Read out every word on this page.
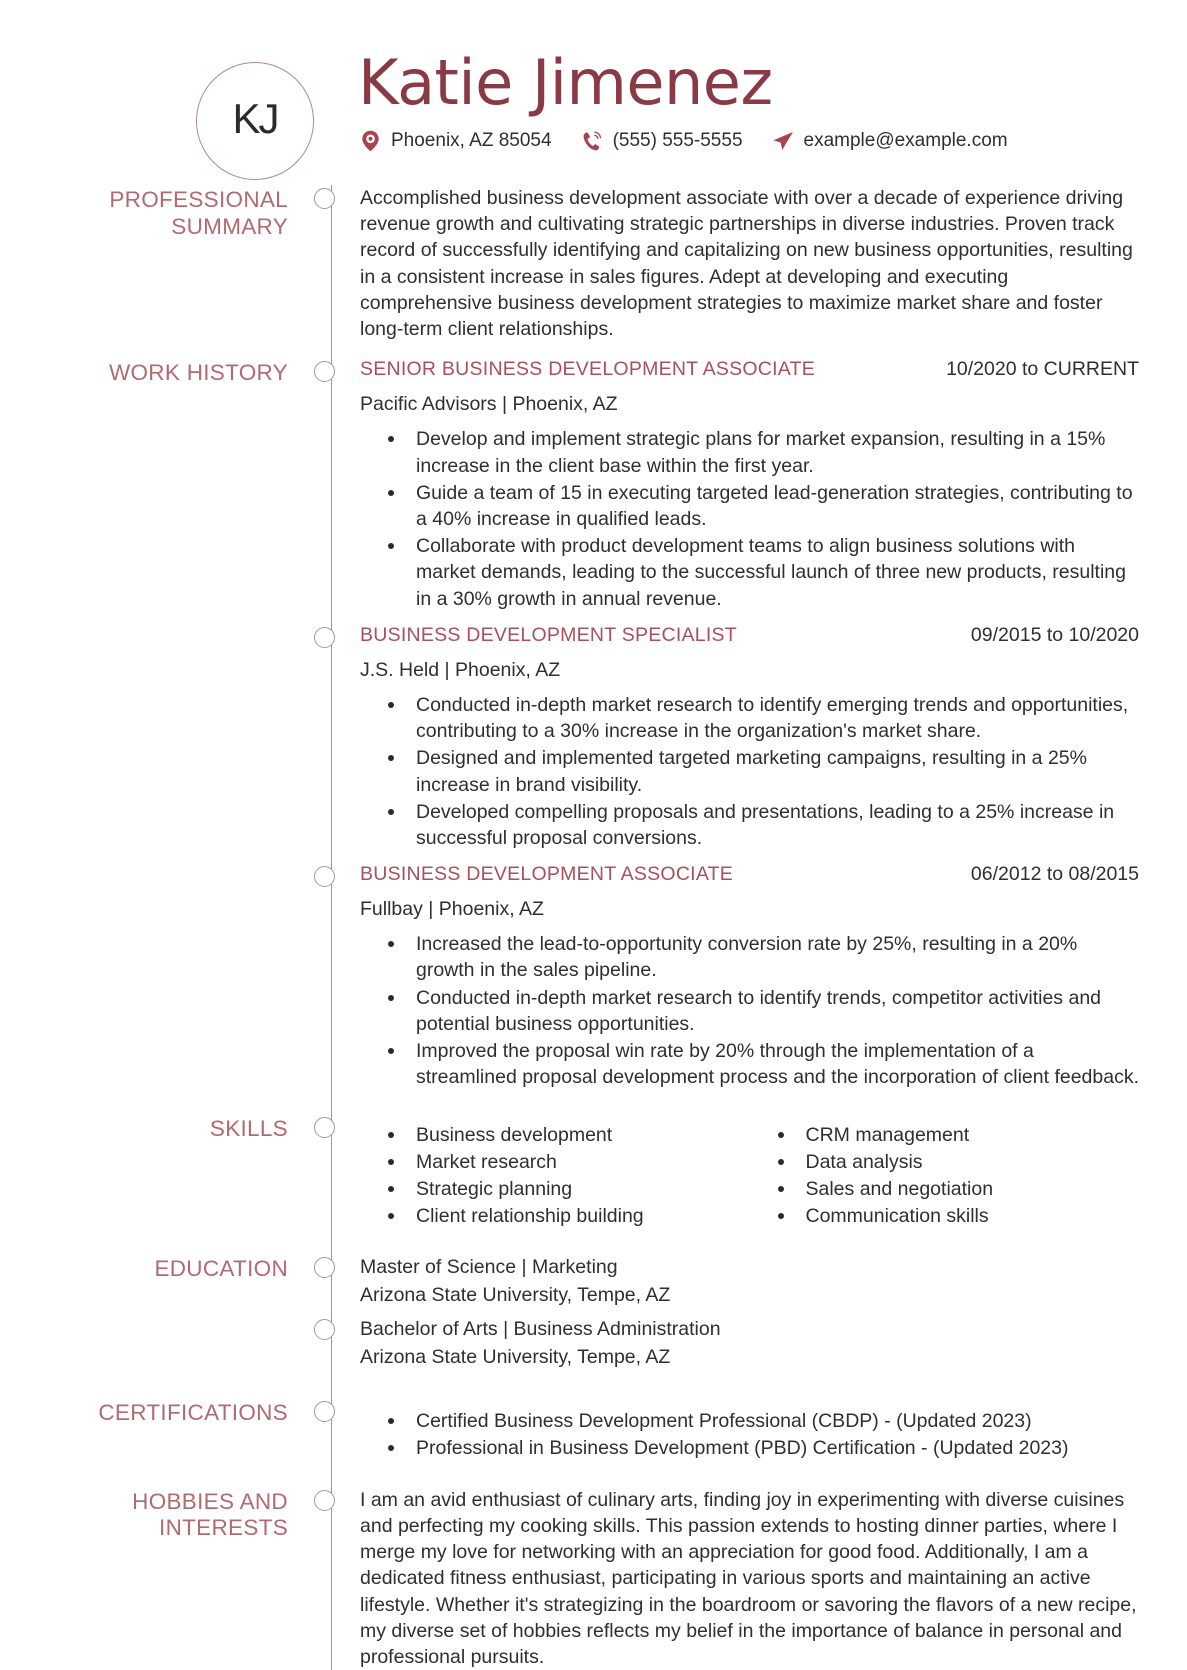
KJ Katie Jimenez
Phoenix, AZ 85054	(555) 555-5555	example@example.com
PROFESSIONAL SUMMARY

Accomplished business development associate with over a decade of experience driving revenue growth and cultivating strategic partnerships in diverse industries. Proven track record of successfully identifying and capitalizing on new business opportunities, resulting in a consistent increase in sales figures. Adept at developing and executing comprehensive business development strategies to maximize market share and foster long-term client relationships.

WORK HISTORY	SENIOR BUSINESS DEVELOPMENT ASSOCIATE	10/2020 to CURRENT
Pacific Advisors | Phoenix, AZ
Develop and implement strategic plans for market expansion, resulting in a 15% increase in the client base within the first year.
Guide a team of 15 in executing targeted lead-generation strategies, contributing to a 40% increase in qualified leads.
Collaborate with product development teams to align business solutions with market demands, leading to the successful launch of three new products, resulting in a 30% growth in annual revenue.
BUSINESS DEVELOPMENT SPECIALIST	09/2015 to 10/2020
J.S. Held | Phoenix, AZ
Conducted in-depth market research to identify emerging trends and opportunities, contributing to a 30% increase in the organization's market share.
Designed and implemented targeted marketing campaigns, resulting in a 25% increase in brand visibility.
Developed compelling proposals and presentations, leading to a 25% increase in successful proposal conversions.
BUSINESS DEVELOPMENT ASSOCIATE	06/2012 to 08/2015
Fullbay | Phoenix, AZ
Increased the lead-to-opportunity conversion rate by 25%, resulting in a 20% growth in the sales pipeline.
Conducted in-depth market research to identify trends, competitor activities and potential business opportunities.
Improved the proposal win rate by 20% through the implementation of a streamlined proposal development process and the incorporation of client feedback.
SKILLS	Business development
Market research
Strategic planning
Client relationship building
CRM management
Data analysis
Sales and negotiation
Communication skills
EDUCATION	Master of Science | Marketing
Arizona State University, Tempe, AZ
Bachelor of Arts | Business Administration
Arizona State University, Tempe, AZ
CERTIFICATIONS	Certified Business Development Professional (CBDP) - (Updated 2023)
Professional in Business Development (PBD) Certification - (Updated 2023)
HOBBIES AND INTERESTS

I am an avid enthusiast of culinary arts, finding joy in experimenting with diverse cuisines and perfecting my cooking skills. This passion extends to hosting dinner parties, where I merge my love for networking with an appreciation for good food. Additionally, I am a dedicated fitness enthusiast, participating in various sports and maintaining an active lifestyle. Whether it's strategizing in the boardroom or savoring the flavors of a new recipe, my diverse set of hobbies reflects my belief in the importance of balance in personal and professional pursuits.
